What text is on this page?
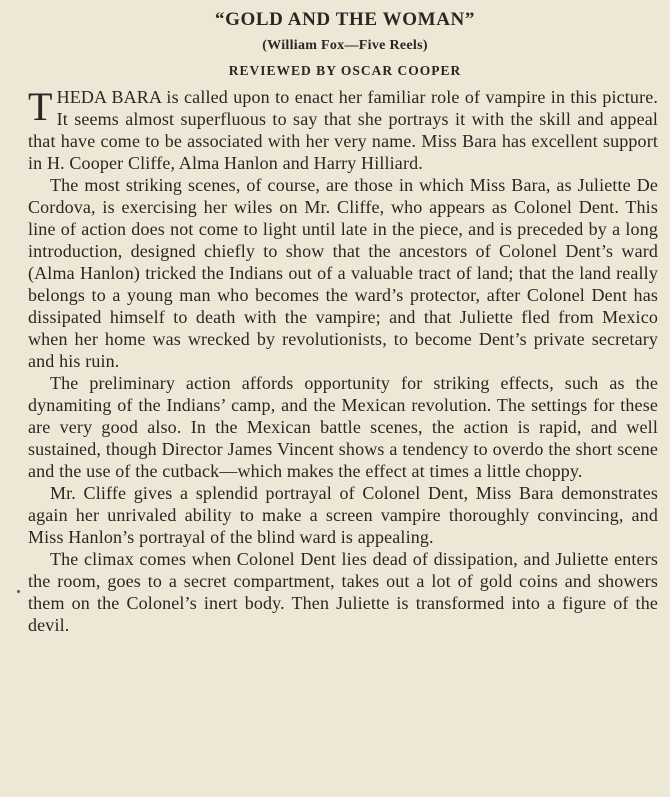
“GOLD AND THE WOMAN”
(William Fox—Five Reels)
REVIEWED BY OSCAR COOPER

THEDA BARA is called upon to enact her familiar role of vampire in this picture. It seems almost superfluous to say that she portrays it with the skill and appeal that have come to be associated with her very name. Miss Bara has excellent support in H. Cooper Cliffe, Alma Hanlon and Harry Hilliard.

The most striking scenes, of course, are those in which Miss Bara, as Juliette De Cordova, is exercising her wiles on Mr. Cliffe, who appears as Colonel Dent. This line of action does not come to light until late in the piece, and is preceded by a long introduction, designed chiefly to show that the ancestors of Colonel Dent’s ward (Alma Hanlon) tricked the Indians out of a valuable tract of land; that the land really belongs to a young man who becomes the ward’s protector, after Colonel Dent has dissipated himself to death with the vampire; and that Juliette fled from Mexico when her home was wrecked by revolutionists, to become Dent’s private secretary and his ruin.

The preliminary action affords opportunity for striking effects, such as the dynamiting of the Indians’ camp, and the Mexican revolution. The settings for these are very good also. In the Mexican battle scenes, the action is rapid, and well sustained, though Director James Vincent shows a tendency to overdo the short scene and the use of the cutback—which makes the effect at times a little choppy.

Mr. Cliffe gives a splendid portrayal of Colonel Dent, Miss Bara demonstrates again her unrivaled ability to make a screen vampire thoroughly convincing, and Miss Hanlon’s portrayal of the blind ward is appealing.

The climax comes when Colonel Dent lies dead of dissipation, and Juliette enters the room, goes to a secret compartment, takes out a lot of gold coins and showers them on the Colonel’s inert body. Then Juliette is transformed into a figure of the devil.
